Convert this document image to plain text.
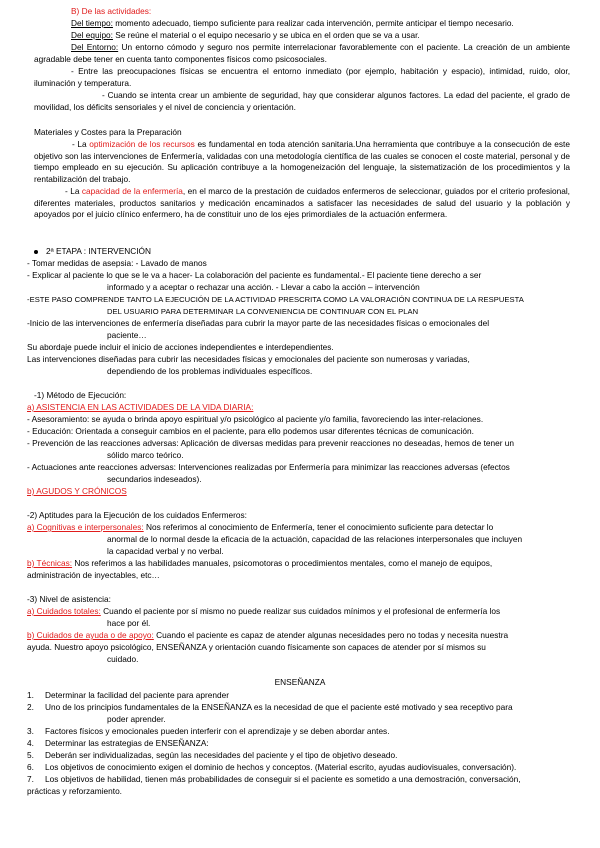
B) De las actividades:
Del tiempo: momento adecuado, tiempo suficiente para realizar cada intervención, permite anticipar el tiempo necesario.
Del equipo: Se reúne el material o el equipo necesario y se ubica en el orden que se va a usar.
Del Entorno: Un entorno cómodo y seguro nos permite interrelacionar favorablemente con el paciente. La creación de un ambiente agradable debe tener en cuenta tanto componentes físicos como psicosociales.
- Entre las preocupaciones físicas se encuentra el entorno inmediato (por ejemplo, habitación y espacio), intimidad, ruido, olor, iluminación y temperatura.
- Cuando se intenta crear un ambiente de seguridad, hay que considerar algunos factores. La edad del paciente, el grado de movilidad, los déficits sensoriales y el nivel de conciencia y orientación.
Materiales y Costes para la Preparación
- La optimización de los recursos es fundamental en toda atención sanitaria.Una herramienta que contribuye a la consecución de este objetivo son las intervenciones de Enfermería, validadas con una metodología científica de las cuales se conocen el coste material, personal y de tiempo empleado en su ejecución. Su aplicación contribuye a la homogeneización del lenguaje, la sistematización de los procedimientos y la rentabilización del trabajo.
- La capacidad de la enfermería, en el marco de la prestación de cuidados enfermeros de seleccionar, guiados por el criterio profesional, diferentes materiales, productos sanitarios y medicación encaminados a satisfacer las necesidades de salud del usuario y la población y apoyados por el juicio clínico enfermero, ha de constituir uno de los ejes primordiales de la actuación enfermera.
2ª ETAPA : INTERVENCIÓN
- Tomar medidas de asepsia: - Lavado de manos
- Explicar al paciente lo que se le va a hacer- La colaboración del paciente es fundamental.- El paciente tiene derecho a ser
informado y a aceptar o rechazar una acción. - Llevar a cabo la acción – intervención
-ESTE PASO COMPRENDE TANTO LA EJECUCIÓN DE LA ACTIVIDAD PRESCRITA COMO LA VALORACIÓN CONTINUA DE LA RESPUESTA
DEL USUARIO PARA DETERMINAR LA CONVENIENCIA DE CONTINUAR CON EL PLAN
-Inicio de las intervenciones de enfermería diseñadas para cubrir la mayor parte de las necesidades físicas o emocionales del
paciente…
Su abordaje puede incluir el inicio de acciones independientes e interdependientes.
Las intervenciones diseñadas para cubrir las necesidades físicas y emocionales del paciente son numerosas y variadas,
dependiendo de los problemas individuales específicos.
-1) Método de Ejecución:
a) ASISTENCIA EN LAS ACTIVIDADES DE LA VIDA DIARIA:
- Asesoramiento: se ayuda o brinda apoyo espiritual y/o psicológico al paciente y/o familia, favoreciendo las inter-relaciones.
- Educación: Orientada a conseguir cambios en el paciente, para ello podemos usar diferentes técnicas de comunicación.
- Prevención de las reacciones adversas: Aplicación de diversas medidas para prevenir reacciones no deseadas, hemos de tener un
sólido marco teórico.
- Actuaciones ante reacciones adversas: Intervenciones realizadas por Enfermería para minimizar las reacciones adversas (efectos
secundarios indeseados).
b) AGUDOS Y CRÓNICOS
-2) Aptitudes para la Ejecución de los cuidados Enfermeros:
a) Cognitivas e interpersonales: Nos referimos al conocimiento de Enfermería, tener el conocimiento suficiente para detectar lo
anormal de lo normal desde la eficacia de la actuación, capacidad de las relaciones interpersonales que incluyen
la capacidad verbal y no verbal.
b) Técnicas: Nos referimos a las habilidades manuales, psicomotoras o procedimientos mentales, como el manejo de equipos,
administración de inyectables, etc…
-3) Nivel de asistencia:
a) Cuidados totales: Cuando el paciente por sí mismo no puede realizar sus cuidados mínimos y el profesional de enfermería los
hace por él.
b) Cuidados de ayuda o de apoyo: Cuando el paciente es capaz de atender algunas necesidades pero no todas y necesita nuestra
ayuda. Nuestro apoyo psicológico, ENSEÑANZA y orientación cuando físicamente son capaces de atender por sí mismos su
cuidado.
ENSEÑANZA
1. Determinar la facilidad del paciente para aprender
2. Uno de los principios fundamentales de la ENSEÑANZA es la necesidad de que el paciente esté motivado y sea receptivo para
poder aprender.
3. Factores físicos y emocionales pueden interferir con el aprendizaje y se deben abordar antes.
4. Determinar las estrategias de ENSEÑANZA:
5. Deberán ser individualizadas, según las necesidades del paciente y el tipo de objetivo deseado.
6. Los objetivos de conocimiento exigen el dominio de hechos y conceptos. (Material escrito, ayudas audiovisuales, conversación).
7. Los objetivos de habilidad, tienen más probabilidades de conseguir si el paciente es sometido a una demostración, conversación,
prácticas y reforzamiento.
